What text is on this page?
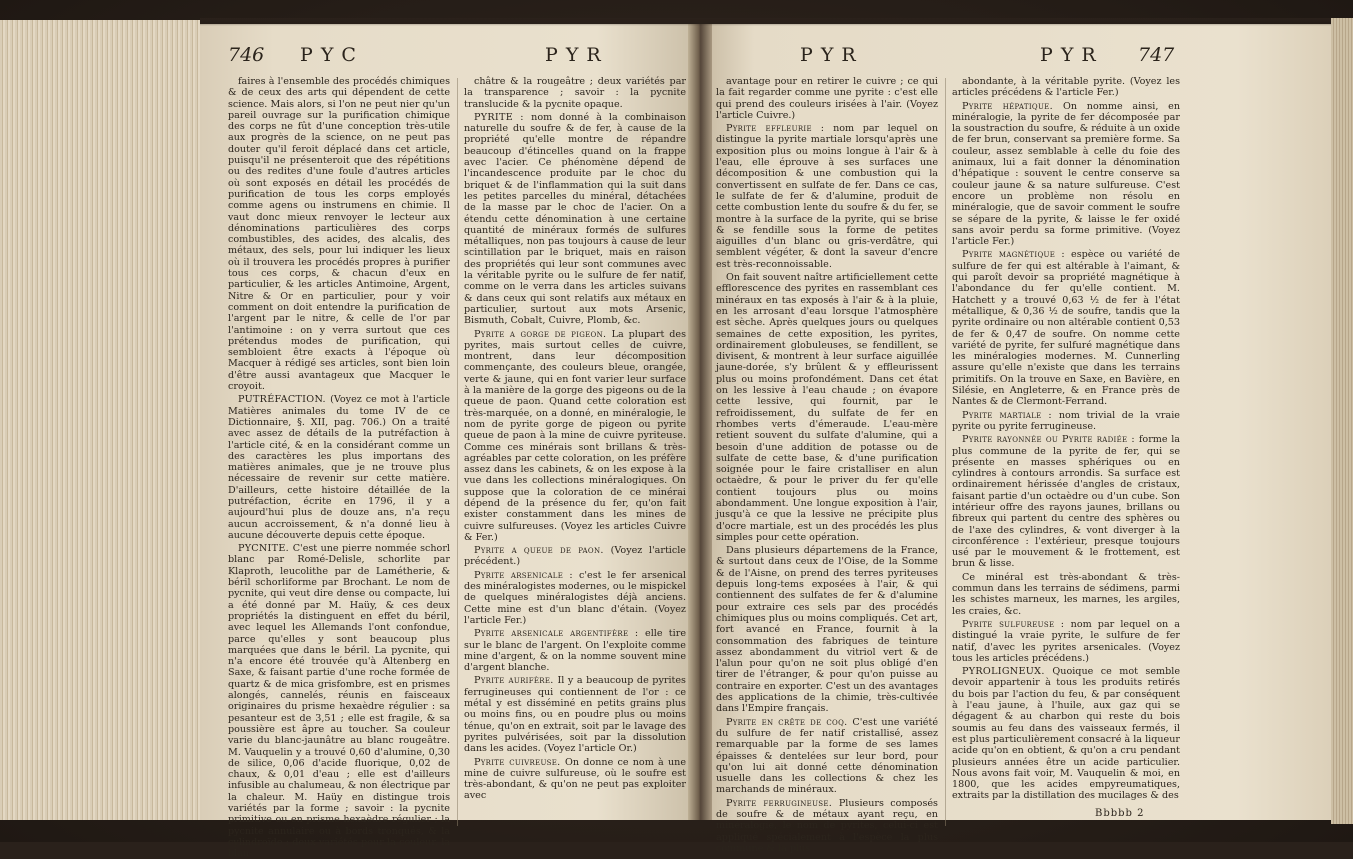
746 P Y C	P Y R	P Y R	P Y R 747

faires à l'ensemble des procédés chimiques & de ceux des arts qui dépendent de cette science. Mais alors, si l'on ne peut nier qu'un pareil ouvrage sur la purification chimique des corps ne fût d'une conception très-utile aux progrès de la science, on ne peut pas douter qu'il feroit déplacé dans cet article, puisqu'il ne présenteroit que des répétitions ou des redites d'une foule d'autres articles où sont exposés en détail les procédés de purification de tous les corps employés comme agens ou instrumens en chimie. Il vaut donc mieux renvoyer le lecteur aux dénominations particulières des corps combustibles, des acides, des alcalis, des métaux, des sels, pour lui indiquer les lieux où il trouvera les procédés propres à purifier tous ces corps, & chacun d'eux en particulier, & les articles Antimoine, Argent, Nitre & Or en particulier, pour y voir comment on doit entendre la purification de l'argent par le nitre, & celle de l'or par l'antimoine : on y verra surtout que ces prétendus modes de purification, qui sembloient être exacts à l'époque où Macquer à rédigé ses articles, sont bien loin d'être aussi avantageux que Macquer le croyoit.

PUTRÉFACTION. (Voyez ce mot à l'article Matières animales du tome IV de ce Dictionnaire, §. XII, pag. 706.) On a traité avec assez de détails de la putréfaction à l'article cité, & en la considérant comme un des caractères les plus importans des matières animales, que je ne trouve plus nécessaire de revenir sur cette matière. D'ailleurs, cette histoire détaillée de la putréfaction, écrite en 1796, il y a aujourd'hui plus de douze ans, n'a reçu aucun accroissement, & n'a donné lieu à aucune découverte depuis cette époque.

PYCNITE. C'est une pierre nommée schorl blanc par Romé-Delisle, schorlite par Klaproth, leucolithe par de Lamétherie, & béril schorliforme par Brochant. Le nom de pycnite, qui veut dire dense ou compacte, lui a été donné par M. Haüy, & ces deux propriétés la distinguent en effet du béril, avec lequel les Allemands l'ont confondue, parce qu'elles y sont beaucoup plus marquées que dans le béril. La pycnite, qui n'a encore été trouvée qu'à Altenberg en Saxe, & faisant partie d'une roche formée de quartz & de mica grisfombre, est en prismes alongés, cannelés, réunis en faisceaux originaires du prisme hexaèdre régulier : sa pesanteur est de 3,51 ; elle est fragile, & sa poussière est âpre au toucher. Sa couleur varie du blanc-jaunâtre au blanc rougeâtre. M. Vauquelin y a trouvé 0,60 d'alumine, 0,30 de silice, 0,06 d'acide fluorique, 0,02 de chaux, & 0,01 d'eau ; elle est d'ailleurs infusible au chalumeau, & non électrique par la chaleur. M. Haüy en distingue trois variétés par la forme ; savoir : la pycnite primitive ou en prisme hexaèdre régulier ; la pycnite annulaire ou à bords tronqués, & la cylindroïde ; deux variétés pour la couleur, la blan-

châtre & la rougeâtre ; deux variétés par la transparence ; savoir : la pycnite translucide & la pycnite opaque.

PYRITE : nom donné à la combinaison naturelle du soufre & de fer, à cause de la propriété qu'elle montre de répandre beaucoup d'étincelles quand on la frappe avec l'acier. Ce phénomène dépend de l'incandescence produite par le choc du briquet & de l'inflammation qui la suit dans les petites parcelles du minéral, détachées de la masse par le choc de l'acier. On a étendu cette dénomination à une certaine quantité de minéraux formés de sulfures métalliques, non pas toujours à cause de leur scintillation par le briquet, mais en raison des propriétés qui leur sont communes avec la véritable pyrite ou le sulfure de fer natif, comme on le verra dans les articles suivans & dans ceux qui sont relatifs aux métaux en particulier, surtout aux mots Arsenic, Bismuth, Cobalt, Cuivre, Plomb, &c.

Pyrite a gorge de pigeon. La plupart des pyrites, mais surtout celles de cuivre, montrent, dans leur décomposition commençante, des couleurs bleue, orangée, verte & jaune, qui en font varier leur surface à la manière de la gorge des pigeons ou de la queue de paon. Quand cette coloration est très-marquée, on a donné, en minéralogie, le nom de pyrite gorge de pigeon ou pyrite queue de paon à la mine de cuivre pyriteuse. Comme ces minérais sont brillans & très-agréables par cette coloration, on les préfère assez dans les cabinets, & on les expose à la vue dans les collections minéralogiques. On suppose que la coloration de ce minérai dépend de la présence du fer, qu'on fait exister constamment dans les mines de cuivre sulfureuses. (Voyez les articles Cuivre & Fer.)

Pyrite a queue de paon. (Voyez l'article précédent.)

Pyrite arsenicale : c'est le fer arsenical des minéralogistes modernes, ou le mispickel de quelques minéralogistes déjà anciens. Cette mine est d'un blanc d'étain. (Voyez l'article Fer.)

Pyrite arsenicale argentifère : elle tire sur le blanc de l'argent. On l'exploite comme mine d'argent, & on la nomme souvent mine d'argent blanche.

Pyrite aurifère. Il y a beaucoup de pyrites ferrugineuses qui contiennent de l'or : ce métal y est disséminé en petits grains plus ou moins fins, ou en poudre plus ou moins ténue, qu'on en extrait, soit par le lavage des pyrites pulvérisées, soit par la dissolution dans les acides. (Voyez l'article Or.)

Pyrite cuivreuse. On donne ce nom à une mine de cuivre sulfureuse, où le soufre est très-abondant, & qu'on ne peut pas exploiter avec

avantage pour en retirer le cuivre ; ce qui la fait regarder comme une pyrite : c'est elle qui prend des couleurs irisées à l'air. (Voyez l'article Cuivre.)

Pyrite efflеurie : nom par lequel on distingue la pyrite martiale lorsqu'après une exposition plus ou moins longue à l'air & à l'eau, elle éprouve à ses surfaces une décomposition & une combustion qui la convertissent en sulfate de fer. Dans ce cas, le sulfate de fer & d'alumine, produit de cette combustion lente du soufre & du fer, se montre à la surface de la pyrite, qui se brise & se fendille sous la forme de petites aiguilles d'un blanc ou gris-verdâtre, qui semblent végéter, & dont la saveur d'encre est très-reconnoissable.

On fait souvent naître artificiellement cette efflorescence des pyrites en rassemblant ces minéraux en tas exposés à l'air & à la pluie, en les arrosant d'eau lorsque l'atmosphère est sèche. Après quelques jours ou quelques semaines de cette exposition, les pyrites, ordinairement globuleuses, se fendillent, se divisent, & montrent à leur surface aiguillée jaune-dorée, s'y brûlent & y effleurissent plus ou moins profondément. Dans cet état on les lessive à l'eau chaude ; on évapore cette lessive, qui fournit, par le refroidissement, du sulfate de fer en rhombes verts d'émeraude. L'eau-mère retient souvent du sulfate d'alumine, qui a besoin d'une addition de potasse ou de sulfate de cette base, & d'une purification soignée pour le faire cristalliser en alun octaèdre, & pour le priver du fer qu'elle contient toujours plus ou moins abondamment. Une longue exposition à l'air, jusqu'à ce que la lessive ne précipite plus d'ocre martiale, est un des procédés les plus simples pour cette opération.

Dans plusieurs départemens de la France, & surtout dans ceux de l'Oise, de la Somme & de l'Aisne, on prend des terres pyriteuses depuis long-tems exposées à l'air, & qui contiennent des sulfates de fer & d'alumine pour extraire ces sels par des procédés chimiques plus ou moins compliqués. Cet art, fort avancé en France, fournit à la consommation des fabriques de teinture assez abondamment du vitriol vert & de l'alun pour qu'on ne soit plus obligé d'en tirer de l'étranger, & pour qu'on puisse au contraire en exporter. C'est un des avantages des applications de la chimie, très-cultivée dans l'Empire français.

Pyrite en crête de coq. C'est une variété du sulfure de fer natif cristallisé, assez remarquable par la forme de ses lames épaisses & dentelées sur leur bord, pour qu'on lui ait donné cette dénomination usuelle dans les collections & chez les marchands de minéraux.

Pyrite ferrugineuse. Plusieurs composés de soufre & de métaux ayant reçu, en minéralogie, le nom de pyrites, celui-ci est appliqué spécialement à l'espèce la plus commune & la plus

abondante, à la véritable pyrite. (Voyez les articles précédens & l'article Fer.)

Pyrite hépatique. On nomme ainsi, en minéralogie, la pyrite de fer décomposée par la soustraction du soufre, & réduite à un oxide de fer brun, conservant sa première forme. Sa couleur, assez semblable à celle du foie des animaux, lui a fait donner la dénomination d'hépatique : souvent le centre conserve sa couleur jaune & sa nature sulfureuse. C'est encore un problème non résolu en minéralogie, que de savoir comment le soufre se sépare de la pyrite, & laisse le fer oxidé sans avoir perdu sa forme primitive. (Voyez l'article Fer.)

Pyrite magnétique : espèce ou variété de sulfure de fer qui est altérable à l'aimant, & qui paroît devoir sa propriété magnétique à l'abondance du fer qu'elle contient. M. Hatchett y a trouvé 0,63 ½ de fer à l'état métallique, & 0,36 ½ de soufre, tandis que la pyrite ordinaire ou non altérable contient 0,53 de fer & 0,47 de soufre. On nomme cette variété de pyrite, fer sulfuré magnétique dans les minéralogies modernes. M. Cunnerling assure qu'elle n'existe que dans les terrains primitifs. On la trouve en Saxe, en Bavière, en Silésie, en Angleterre, & en France près de Nantes & de Clermont-Ferrand.

Pyrite martiale : nom trivial de la vraie pyrite ou pyrite ferrugineuse.

Pyrite rayonnée ou Pyrite radiée : forme la plus commune de la pyrite de fer, qui se présente en masses sphériques ou en cylindres à contours arrondis. Sa surface est ordinairement hérissée d'angles de cristaux, faisant partie d'un octaèdre ou d'un cube. Son intérieur offre des rayons jaunes, brillans ou fibreux qui partent du centre des sphères ou de l'axe des cylindres, & vont diverger à la circonférence : l'extérieur, presque toujours usé par le mouvement & le frottement, est brun & lisse.

Ce minéral est très-abondant & très-commun dans les terrains de sédimens, parmi les schistes marneux, les marnes, les argiles, les craies, &c.

Pyrite sulfureuse : nom par lequel on a distingué la vraie pyrite, le sulfure de fer natif, d'avec les pyrites arsenicales. (Voyez tous les articles précédens.)

PYROLIGNEUX. Quoique ce mot semble devoir appartenir à tous les produits retirés du bois par l'action du feu, & par conséquent à l'eau jaune, à l'huile, aux gaz qui se dégagent & au charbon qui reste du bois soumis au feu dans des vaisseaux fermés, il est plus particulièrement consacré à la liqueur acide qu'on en obtient, & qu'on a cru pendant plusieurs années être un acide particulier. Nous avons fait voir, M. Vauquelin & moi, en 1800, que les acides empyreumatiques, extraits par la distillation des mucilages & des

Bbbbb 2
